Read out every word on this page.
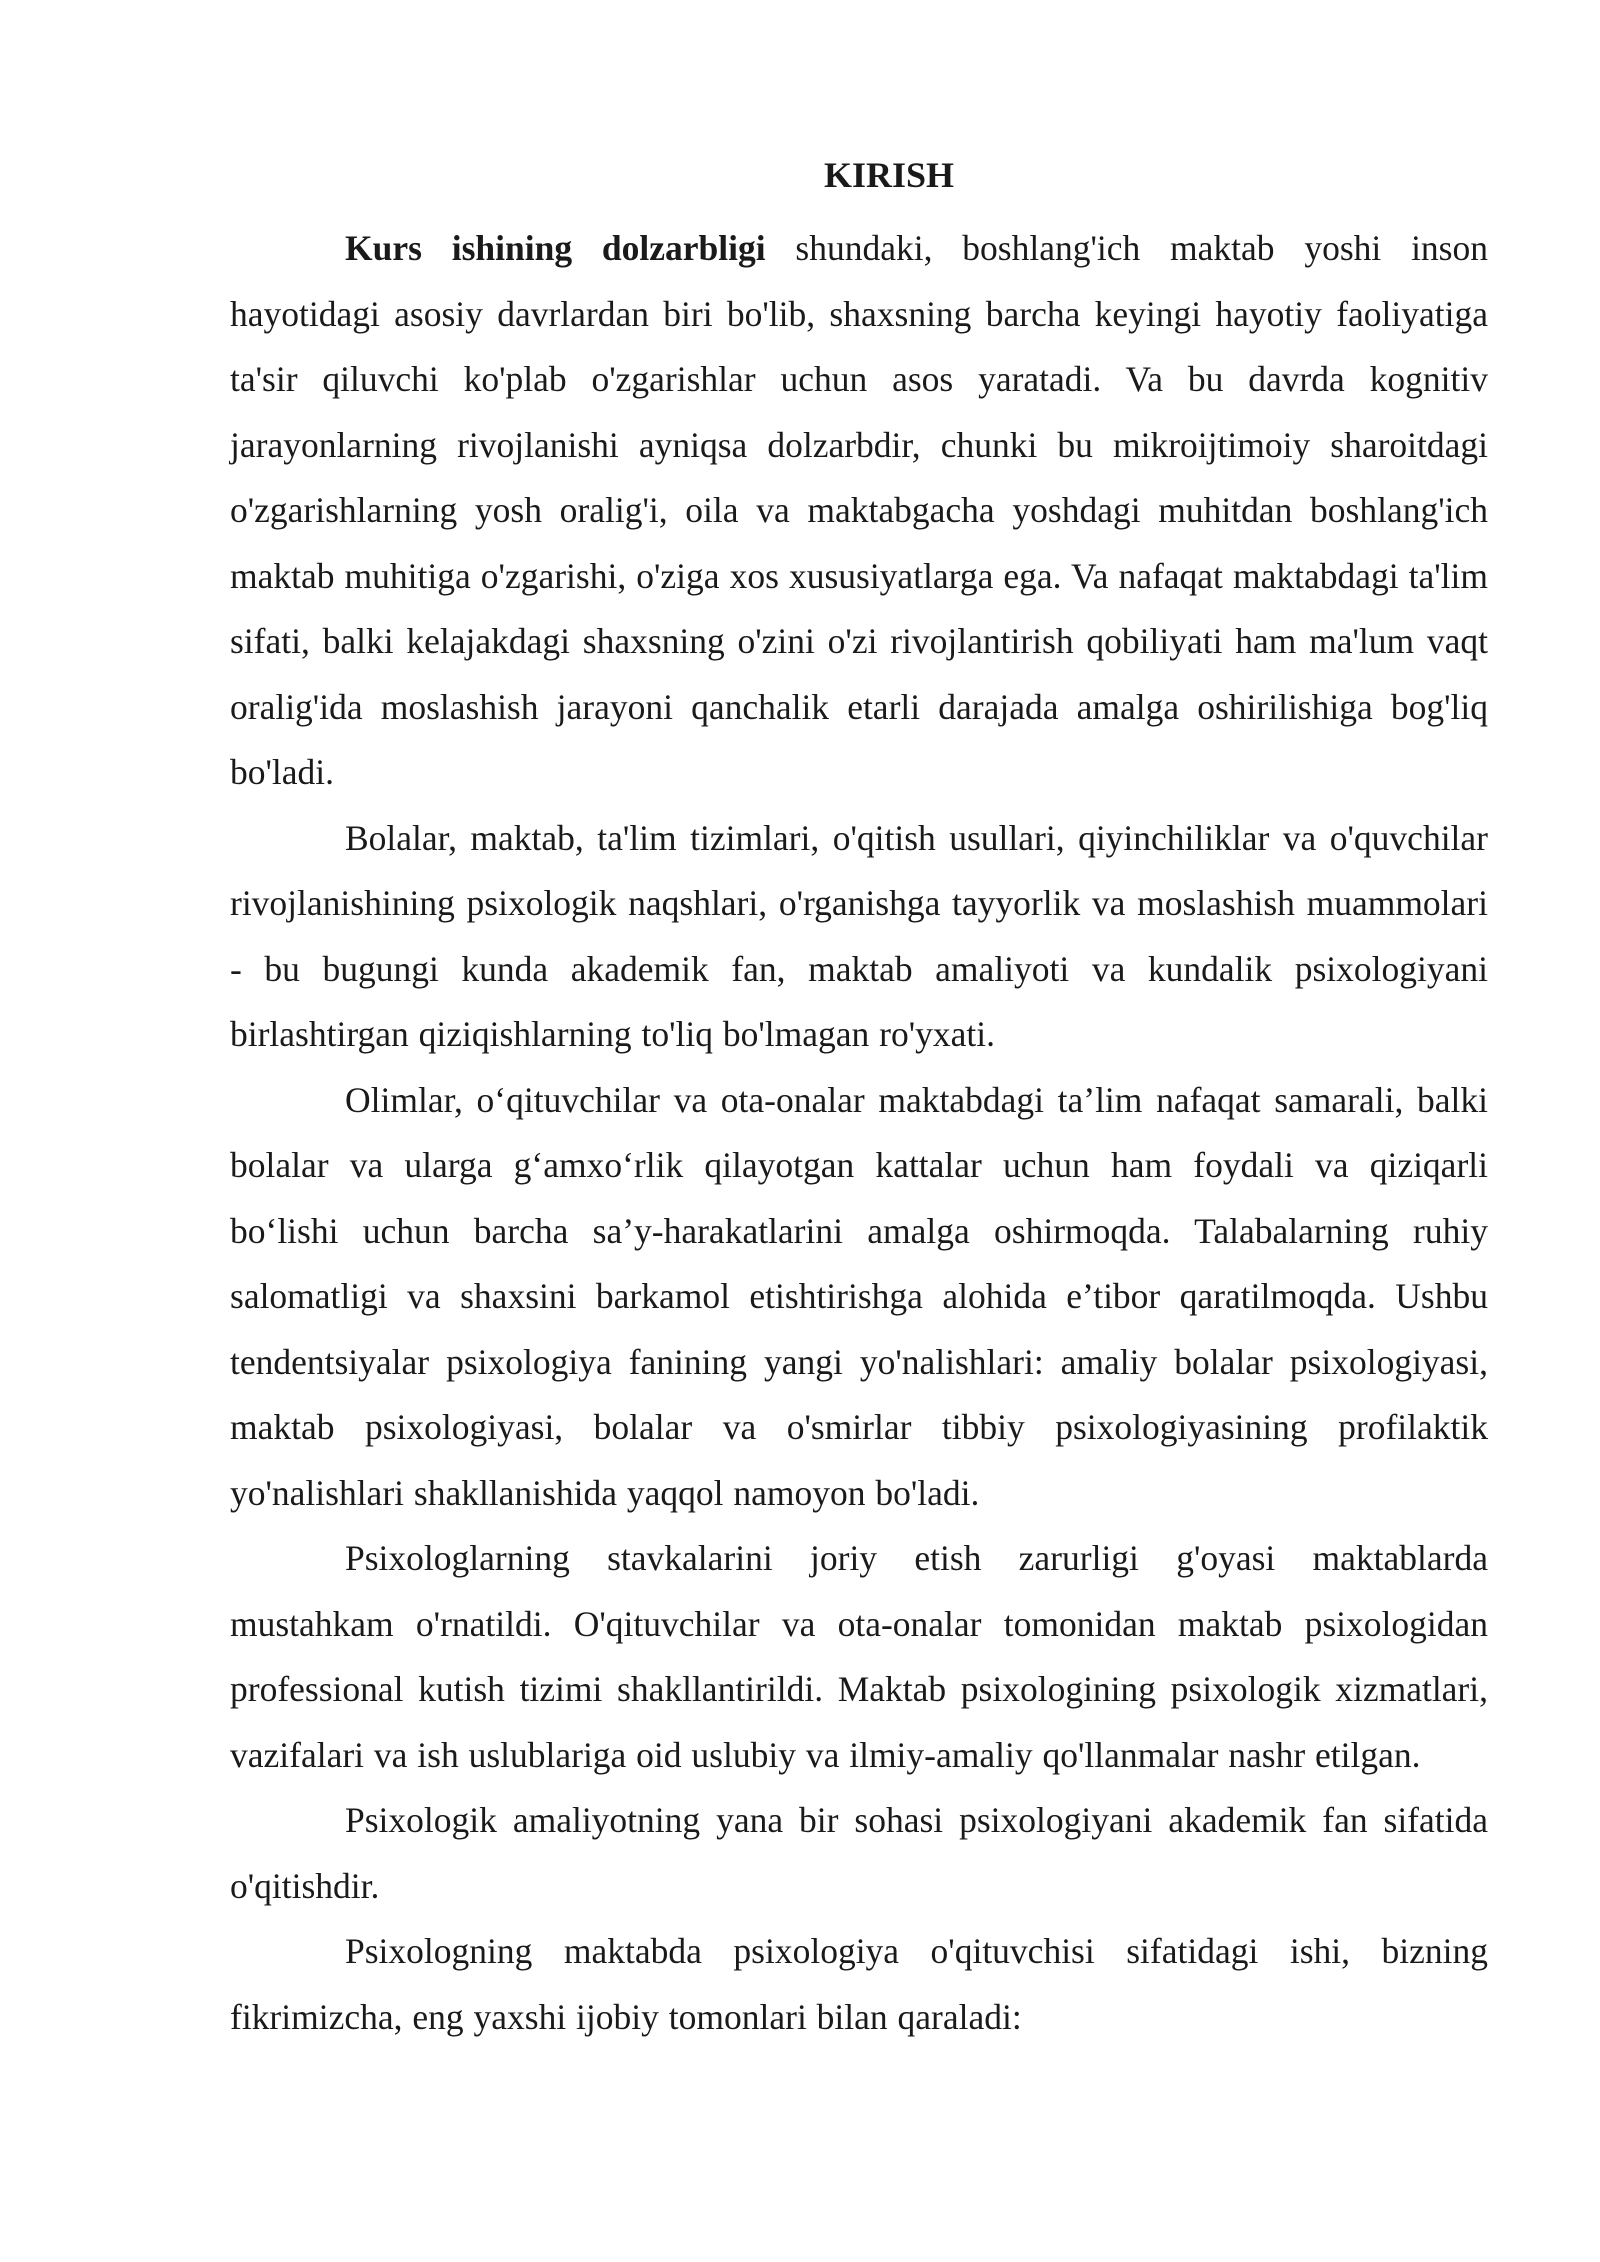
KIRISH

Kurs ishining dolzarbligi shundaki, boshlang'ich maktab yoshi inson hayotidagi asosiy davrlardan biri bo'lib, shaxsning barcha keyingi hayotiy faoliyatiga ta'sir qiluvchi ko'plab o'zgarishlar uchun asos yaratadi. Va bu davrda kognitiv jarayonlarning rivojlanishi ayniqsa dolzarbdir, chunki bu mikroijtimoiy sharoitdagi o'zgarishlarning yosh oralig'i, oila va maktabgacha yoshdagi muhitdan boshlang'ich maktab muhitiga o'zgarishi, o'ziga xos xususiyatlarga ega. Va nafaqat maktabdagi ta'lim sifati, balki kelajakdagi shaxsning o'zini o'zi rivojlantirish qobiliyati ham ma'lum vaqt oralig'ida moslashish jarayoni qanchalik etarli darajada amalga oshirilishiga bog'liq bo'ladi.

Bolalar, maktab, ta'lim tizimlari, o'qitish usullari, qiyinchiliklar va o'quvchilar rivojlanishining psixologik naqshlari, o'rganishga tayyorlik va moslashish muammolari - bu bugungi kunda akademik fan, maktab amaliyoti va kundalik psixologiyani birlashtirgan qiziqishlarning to'liq bo'lmagan ro'yxati.

Olimlar, o‘qituvchilar va ota-onalar maktabdagi ta’lim nafaqat samarali, balki bolalar va ularga g‘amxo‘rlik qilayotgan kattalar uchun ham foydali va qiziqarli bo‘lishi uchun barcha sa’y-harakatlarini amalga oshirmoqda. Talabalarning ruhiy salomatligi va shaxsini barkamol etishtirishga alohida e’tibor qaratilmoqda. Ushbu tendentsiyalar psixologiya fanining yangi yo'nalishlari: amaliy bolalar psixologiyasi, maktab psixologiyasi, bolalar va o'smirlar tibbiy psixologiyasining profilaktik yo'nalishlari shakllanishida yaqqol namoyon bo'ladi.

Psixologlarning stavkalarini joriy etish zarurligi g'oyasi maktablarda mustahkam o'rnatildi. O'qituvchilar va ota-onalar tomonidan maktab psixologidan professional kutish tizimi shakllantirildi. Maktab psixologining psixologik xizmatlari, vazifalari va ish uslublariga oid uslubiy va ilmiy-amaliy qo'llanmalar nashr etilgan.

Psixologik amaliyotning yana bir sohasi psixologiyani akademik fan sifatida o'qitishdir.

Psixologning maktabda psixologiya o'qituvchisi sifatidagi ishi, bizning fikrimizcha, eng yaxshi ijobiy tomonlari bilan qaraladi:
